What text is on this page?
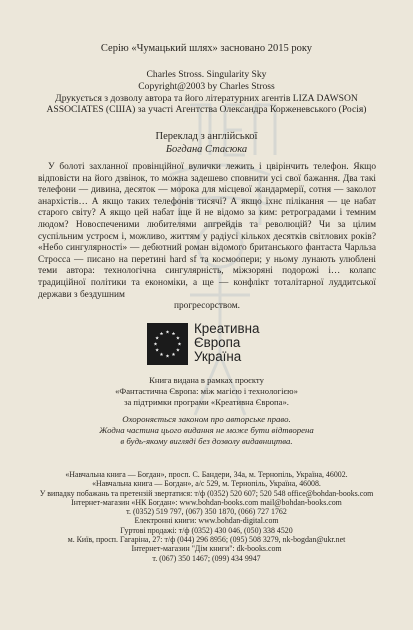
Серію «Чумацький шлях» засновано 2015 року
Charles Stross. Singularity Sky
Copyright@2003 by Charles Stross
Друкується з дозволу автора та його літературних агентів LIZA DAWSON
ASSOCIATES (США) за участі Агентства Олександра Корженевського (Росія)
Переклад з англійської
Богдана Стасюка
У болоті захланної провінційної вулички лежить і цвірінчить телефон. Якщо відповісти на його дзвінок, то можна задешево сповнити усі свої бажання. Два такі телефони — дивина, десяток — морока для місцевої жандармерії, сотня — заколот анархістів… А якщо таких телефонів тисячі? А якщо їхнє пілікання — це набат старого світу? А якщо цей набат іще й не відомо за ким: ретроградами і темним людом? Новоспеченими любителями апгрейдів та революцій? Чи за цілим суспільним устроєм і, можливо, життям у радіусі кількох десятків світлових років? «Небо сингулярності» — дебютний роман відомого британського фантаста Чарльза Стросса — писано на перетині hard sf та космоопери; у ньому лунають улюблені теми автора: технологічна сингулярність, міжзоряні подорожі і… колапс традиційної політики та економіки, а ще — конфлікт тоталітарної луддитської держави з бездушним
прогресорством.
Креативна
Європа
Україна
Книга видана в рамках проєкту
«Фантастична Європа: між магією і технологією»
за підтримки програми «Креативна Європа».
Охороняється законом про авторське право.
Жодна частина цього видання не може бути відтворена
в будь-якому вигляді без дозволу видавництва.
«Навчальна книга — Богдан», просп. С. Бандери, 34а, м. Тернопіль, Україна, 46002.
«Навчальна книга — Богдан», а/с 529, м. Тернопіль, Україна, 46008.
У випадку побажань та претензій звертатися: т/ф (0352) 520 607; 520 548 office@bohdan-books.com
Інтернет-магазин «НК Богдан»: www.bohdan-books.com mail@bohdan-books.com
т. (0352) 519 797, (067) 350 1870, (066) 727 1762
Електронні книги: www.bohdan-digital.com
Гуртові продажі: т/ф (0352) 430 046, (050) 338 4520
м. Київ, просп. Гагаріна, 27: т/ф (044) 296 8956; (095) 508 3279, nk-bogdan@ukr.net
Інтернет-магазин "Дім книги": dk-books.com
т. (067) 350 1467; (099) 434 9947
